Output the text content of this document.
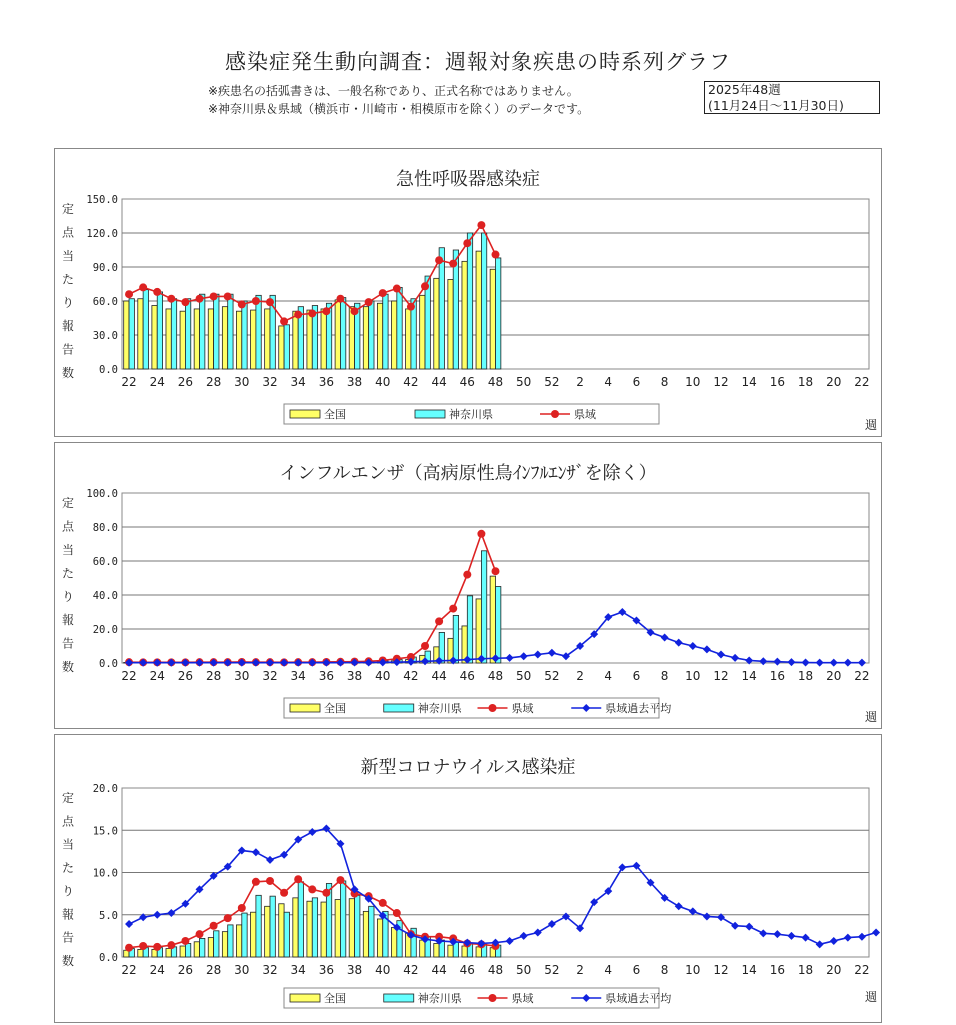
感染症発生動向調査：週報対象疾患の時系列グラフ
※疾患名の括弧書きは、一般名称であり、正式名称ではありません。
※神奈川県＆県域（横浜市・川崎市・相模原市を除く）のデータです。
2025年48週
(11月24日～11月30日)
急性呼吸器感染症
0.0
30.0
60.0
90.0
120.0
150.0
定
点
当
た
り
報
告
数
22 24 26 28 30 32 34 36 38 40 42 44 46 48 50 52 2 4 6 8 10 12 14 16 18 20 22
週
全国	神奈川県	県域
インフルエンザ（高病原性鳥ｲﾝﾌﾙｴﾝｻﾞを除く）
0.0
20.0
40.0
60.0
80.0
100.0
定
点
当
た
り
報
告
数
22 24 26 28 30 32 34 36 38 40 42 44 46 48 50 52 2 4 6 8 10 12 14 16 18 20 22
週
全国	神奈川県	県域	県域過去平均
新型コロナウイルス感染症
0.0
5.0
10.0
15.0
20.0
定
点
当
た
り
報
告
数
22 24 26 28 30 32 34 36 38 40 42 44 46 48 50 52 2 4 6 8 10 12 14 16 18 20 22
週
全国	神奈川県	県域	県域過去平均
